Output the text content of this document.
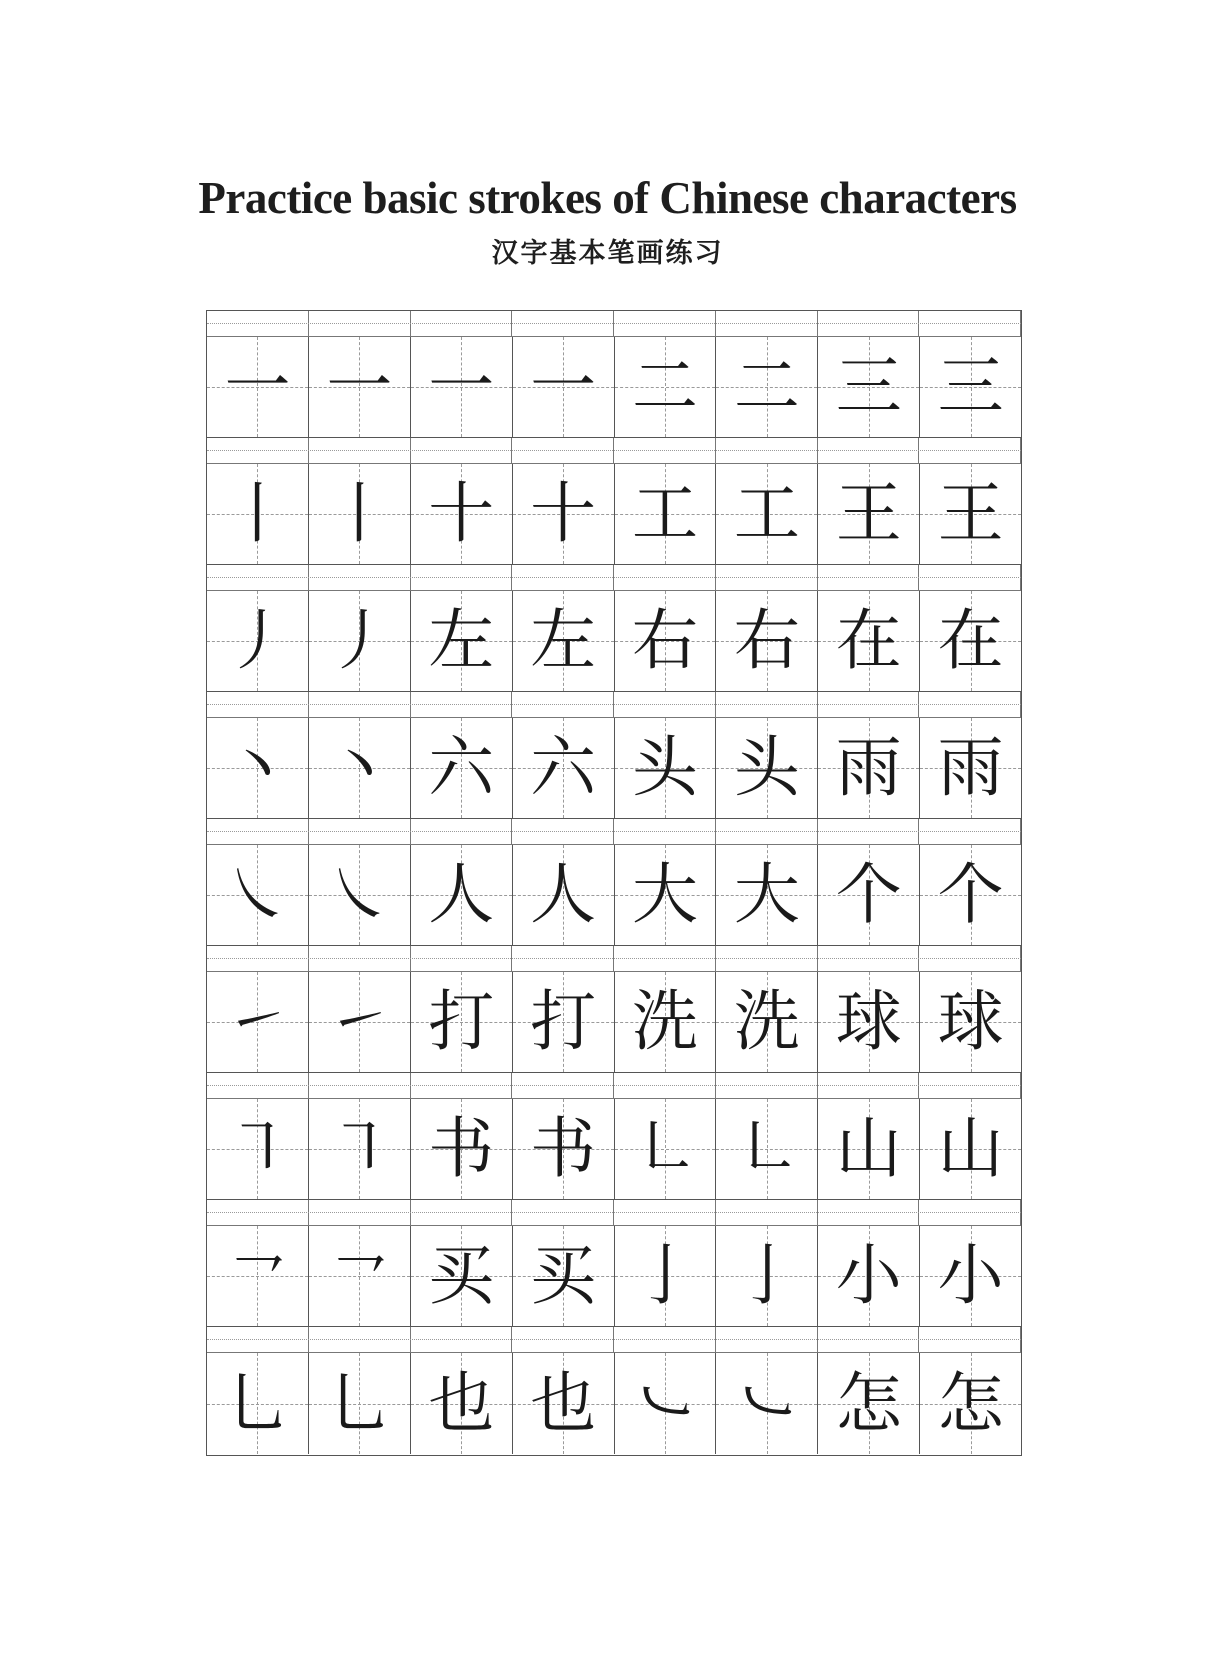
Practice basic strokes of Chinese characters
汉字基本笔画练习
一 一 一 一 二 二 三 三
丨 丨 十 十 工 工 王 王
丿 丿 左 左 右 右 在 在
丶 丶 六 六 头 头 雨 雨
㇏ ㇏ 人 人 大 大 个 个
㇀ ㇀ 打 打 洗 洗 球 球
㇕ ㇕ 书 书 ㇗ ㇗ 山 山
㇖ ㇖ 买 买 亅 亅 小 小
乚 乚 也 也 ㇃ ㇃ 怎 怎
